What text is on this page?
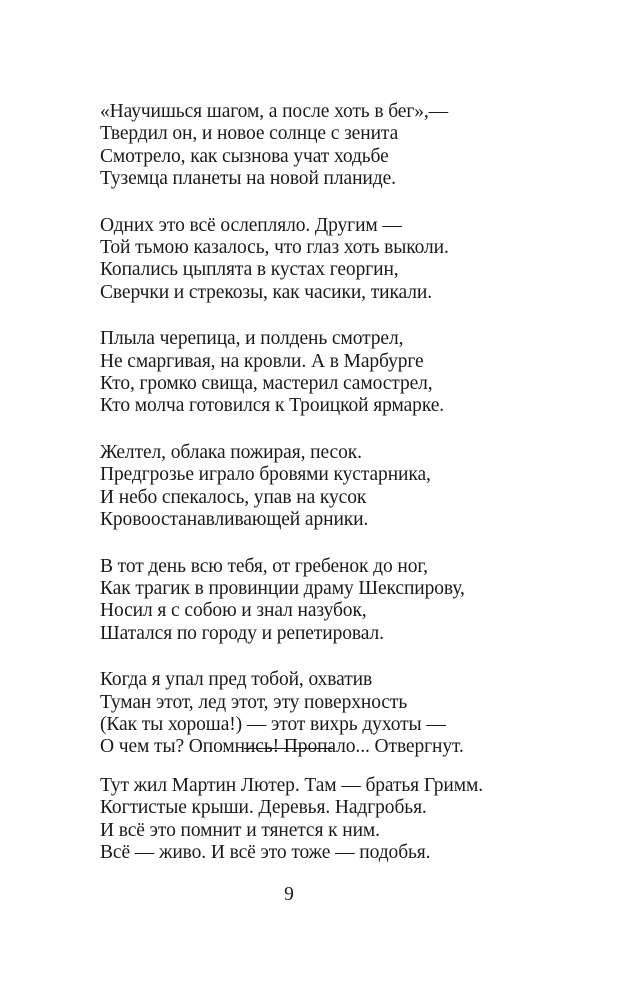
«Научишься шагом, а после хоть в бег»,—
Твердил он, и новое солнце с зенита
Смотрело, как сызнова учат ходьбе
Туземца планеты на новой планиде.
Одних это всё ослепляло. Другим —
Той тьмою казалось, что глаз хоть выколи.
Копались цыплята в кустах георгин,
Сверчки и стрекозы, как часики, тикали.
Плыла черепица, и полдень смотрел,
Не смаргивая, на кровли. А в Марбурге
Кто, громко свища, мастерил самострел,
Кто молча готовился к Троицкой ярмарке.
Желтел, облака пожирая, песок.
Предгрозье играло бровями кустарника,
И небо спекалось, упав на кусок
Кровоостанавливающей арники.
В тот день всю тебя, от гребенок до ног,
Как трагик в провинции драму Шекспирову,
Носил я с собою и знал назубок,
Шатался по городу и репетировал.
Когда я упал пред тобой, охватив
Туман этот, лед этот, эту поверхность
(Как ты хороша!) — этот вихрь духоты —
О чем ты? Опомнись! Пропало... Отвергнут.
Тут жил Мартин Лютер. Там — братья Гримм.
Когтистые крыши. Деревья. Надгробья.
И всё это помнит и тянется к ним.
Всё — живо. И всё это тоже — подобья.
9
